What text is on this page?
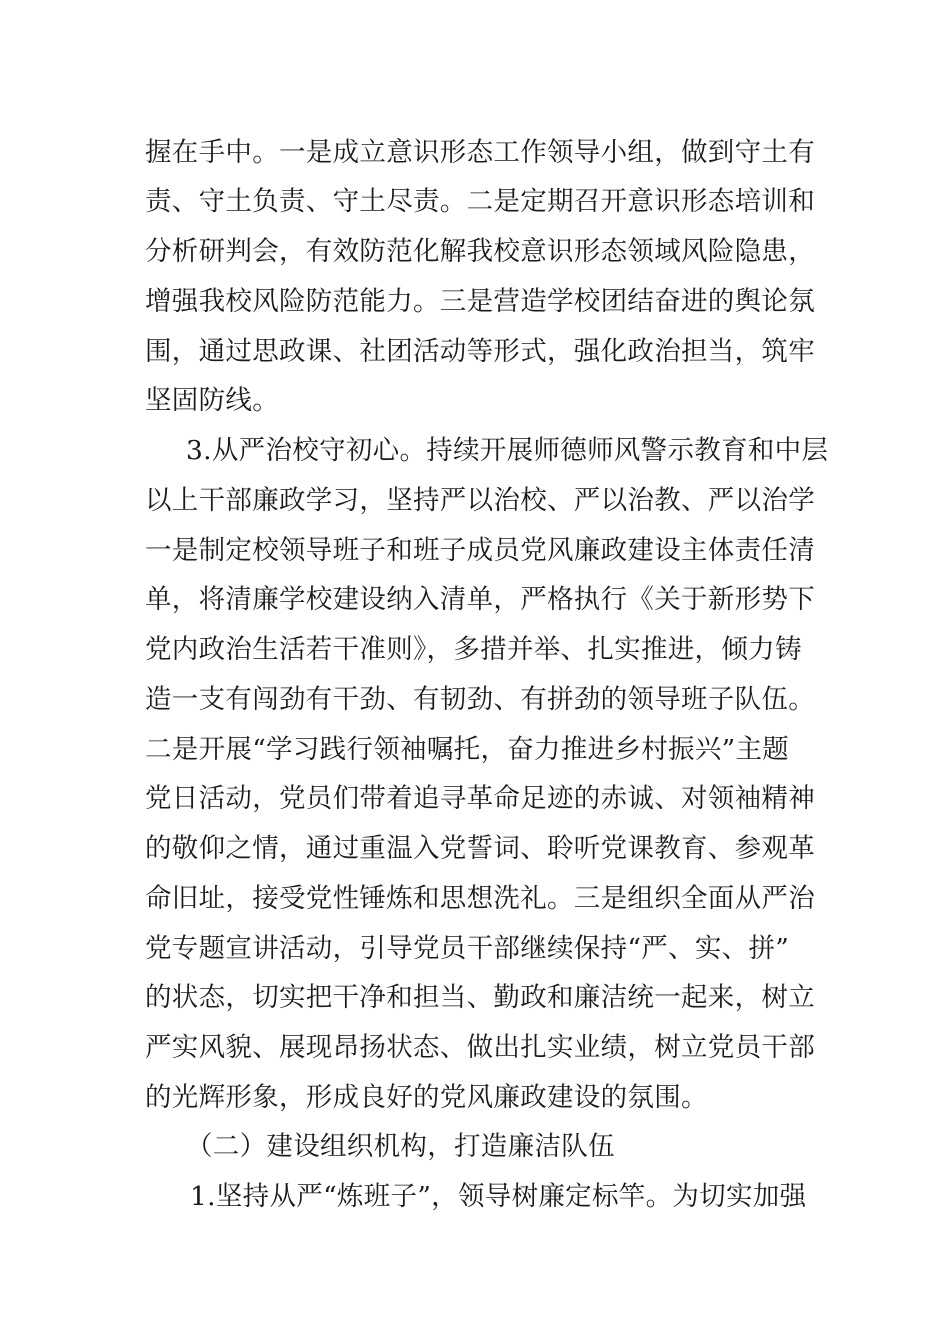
握在手中。一是成立意识形态工作领导小组，做到守土有
责、守土负责、守土尽责。二是定期召开意识形态培训和
分析研判会，有效防范化解我校意识形态领域风险隐患，
增强我校风险防范能力。三是营造学校团结奋进的舆论氛
围，通过思政课、社团活动等形式，强化政治担当，筑牢
坚固防线。
3.从严治校守初心。持续开展师德师风警示教育和中层
以上干部廉政学习，坚持严以治校、严以治教、严以治学
一是制定校领导班子和班子成员党风廉政建设主体责任清
单，将清廉学校建设纳入清单，严格执行《关于新形势下
党内政治生活若干准则》，多措并举、扎实推进，倾力铸
造一支有闯劲有干劲、有韧劲、有拼劲的领导班子队伍。
二是开展“学习践行领袖嘱托，奋力推进乡村振兴”主题
党日活动，党员们带着追寻革命足迹的赤诚、对领袖精神
的敬仰之情，通过重温入党誓词、聆听党课教育、参观革
命旧址，接受党性锤炼和思想洗礼。三是组织全面从严治
党专题宣讲活动，引导党员干部继续保持“严、实、拼”
的状态，切实把干净和担当、勤政和廉洁统一起来，树立
严实风貌、展现昂扬状态、做出扎实业绩，树立党员干部
的光辉形象，形成良好的党风廉政建设的氛围。
（二）建设组织机构，打造廉洁队伍
1.坚持从严“炼班子”，领导树廉定标竿。为切实加强
